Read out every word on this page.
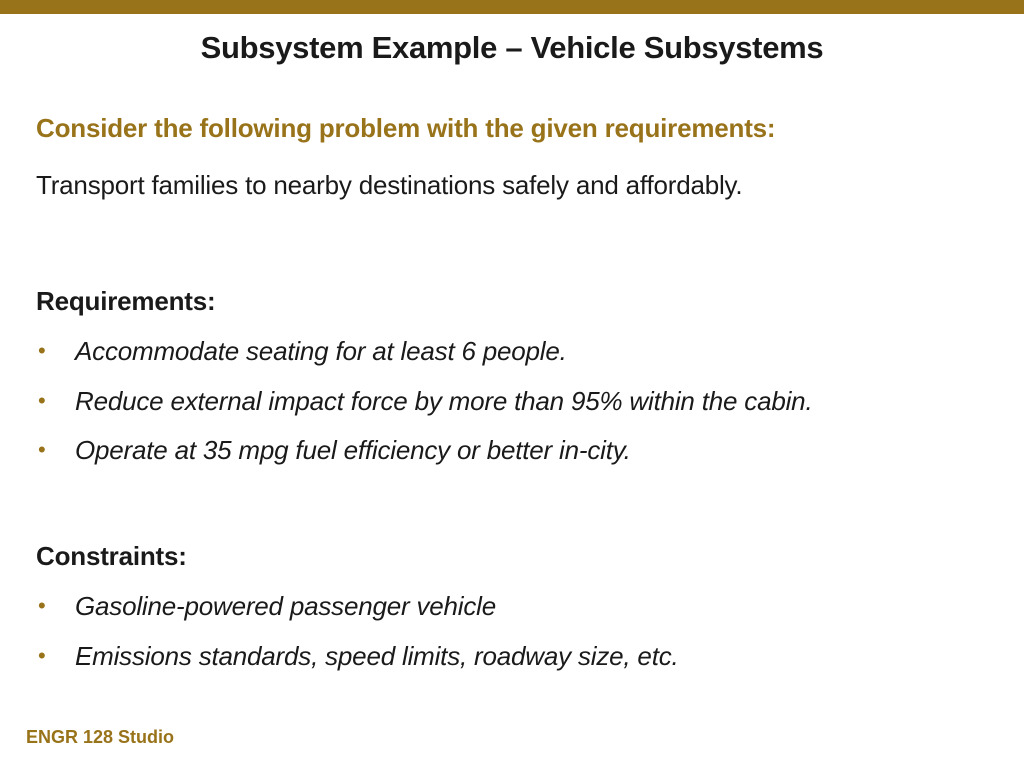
Subsystem Example – Vehicle Subsystems
Consider the following problem with the given requirements:
Transport families to nearby destinations safely and affordably.
Requirements:
• Accommodate seating for at least 6 people.
• Reduce external impact force by more than 95% within the cabin.
• Operate at 35 mpg fuel efficiency or better in-city.
Constraints:
• Gasoline-powered passenger vehicle
• Emissions standards, speed limits, roadway size, etc.
ENGR 128 Studio
